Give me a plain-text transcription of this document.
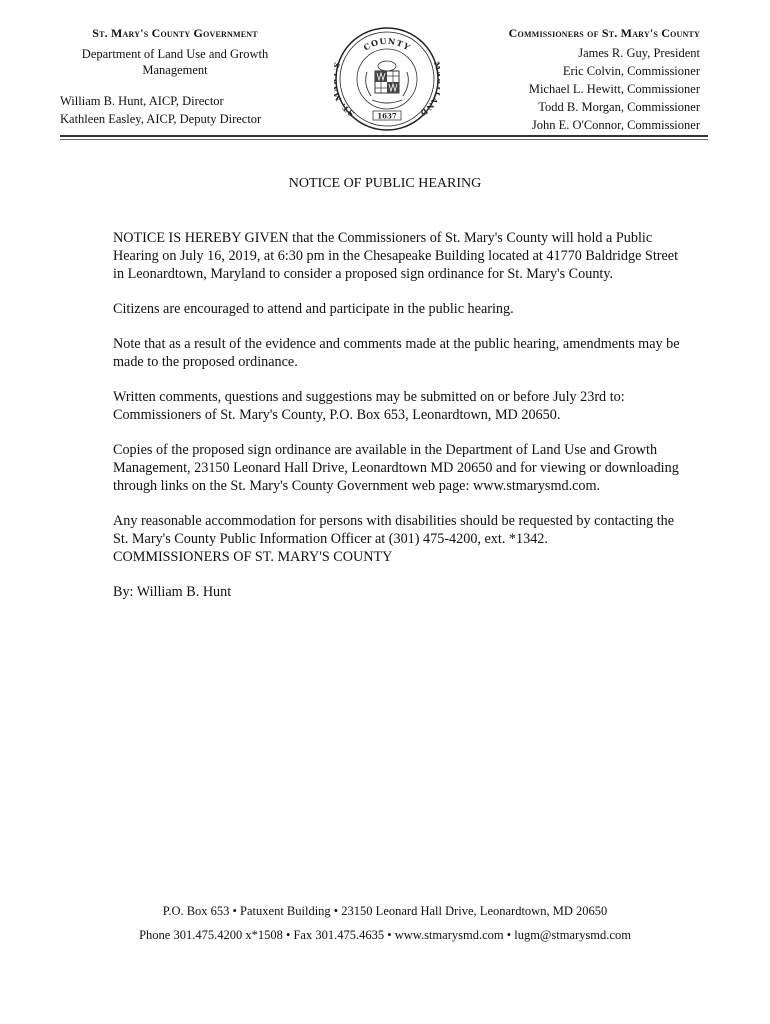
St. Mary's County Government
Department of Land Use and Growth Management
William B. Hunt, AICP, Director
Kathleen Easley, AICP, Deputy Director
COUNTY
ST.	AND
1637
Commissioners of St. Mary's County
James R. Guy, President
Eric Colvin, Commissioner
Michael L. Hewitt, Commissioner
Todd B. Morgan, Commissioner
John E. O'Connor, Commissioner
NOTICE OF PUBLIC HEARING

NOTICE IS HEREBY GIVEN that the Commissioners of St. Mary's County will hold a Public Hearing on July 16, 2019, at 6:30 pm in the Chesapeake Building located at 41770 Baldridge Street in Leonardtown, Maryland to consider a proposed sign ordinance for St. Mary's County.

Citizens are encouraged to attend and participate in the public hearing.

Note that as a result of the evidence and comments made at the public hearing, amendments may be made to the proposed ordinance.

Written comments, questions and suggestions may be submitted on or before July 23rd to: Commissioners of St. Mary's County, P.O. Box 653, Leonardtown, MD 20650.

Copies of the proposed sign ordinance are available in the Department of Land Use and Growth Management, 23150 Leonard Hall Drive, Leonardtown MD 20650 and for viewing or downloading through links on the St. Mary's County Government web page: www.stmarysmd.com.

Any reasonable accommodation for persons with disabilities should be requested by contacting the St. Mary's County Public Information Officer at (301) 475-4200, ext. *1342.

COMMISSIONERS OF ST. MARY'S COUNTY
By: William B. Hunt
P.O. Box 653 • Patuxent Building • 23150 Leonard Hall Drive, Leonardtown, MD 20650
Phone 301.475.4200 x*1508 • Fax 301.475.4635 • www.stmarysmd.com • lugm@stmarysmd.com
